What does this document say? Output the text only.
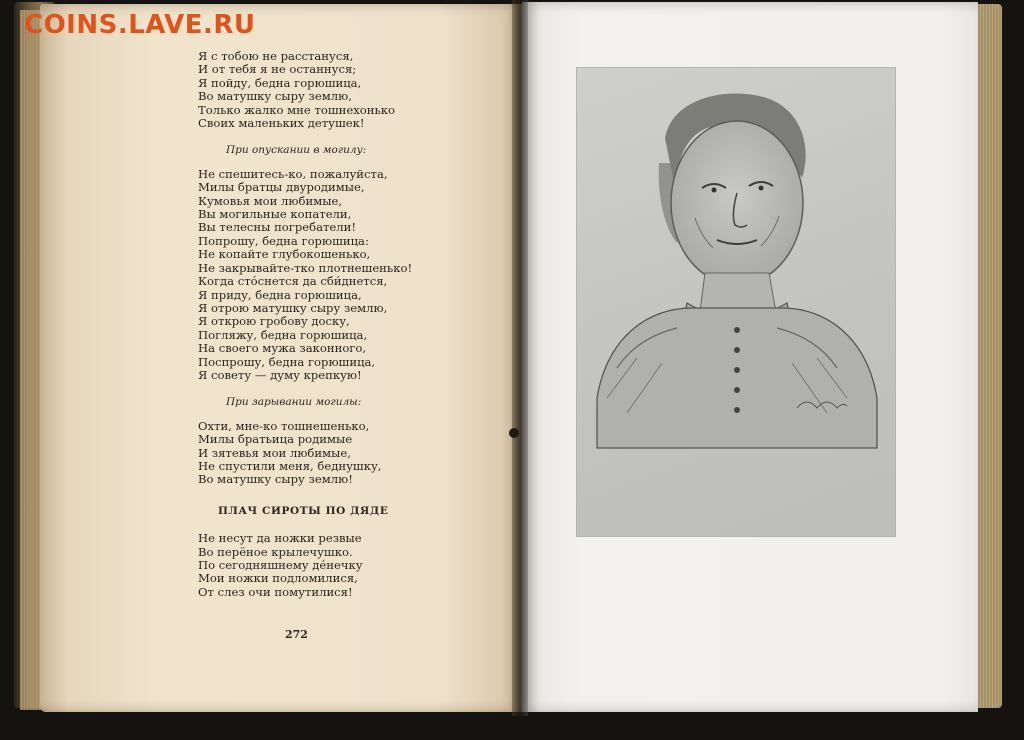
COINS.LAVE.RU
Я с тобою не расстануся,
И от тебя я не останнуся;
Я пойду, бедна горюшица,
Во матушку сыру землю,
Только жалко мне тошнехонько
Своих маленьких детушек!
При опускании в могилу:
Не спешитесь-ко, пожалуйста,
Милы братцы двуродимые,
Кумовья мои любимые,
Вы могильные копатели,
Вы телесны погребатели!
Попрошу, бедна горюшица:
Не копайте глубокошенько,
Не закрывайте-тко плотнешенько!
Когда стóснется да сби́днется,
Я приду, бедна горюшица,
Я отрою матушку сыру землю,
Я открою гробову доску,
Погляжу, бедна горюшица,
На своего мужа законного,
Поспрошу, бедна горюшица,
Я совету — думу крепкую!
При зарывании могилы:
Охти, мне-ко тошнешенько,
Милы братьица родимые
И зятевья мои любимые,
Не спустили меня, беднушку,
Во матушку сыру землю!
ПЛАЧ СИРОТЫ ПО ДЯДЕ
Не несут да ножки резвые
Во перёное крылечушко.
По сегодняшнему дéнечку
Мои ножки подломилися,
От слез очи помутилися!
272
